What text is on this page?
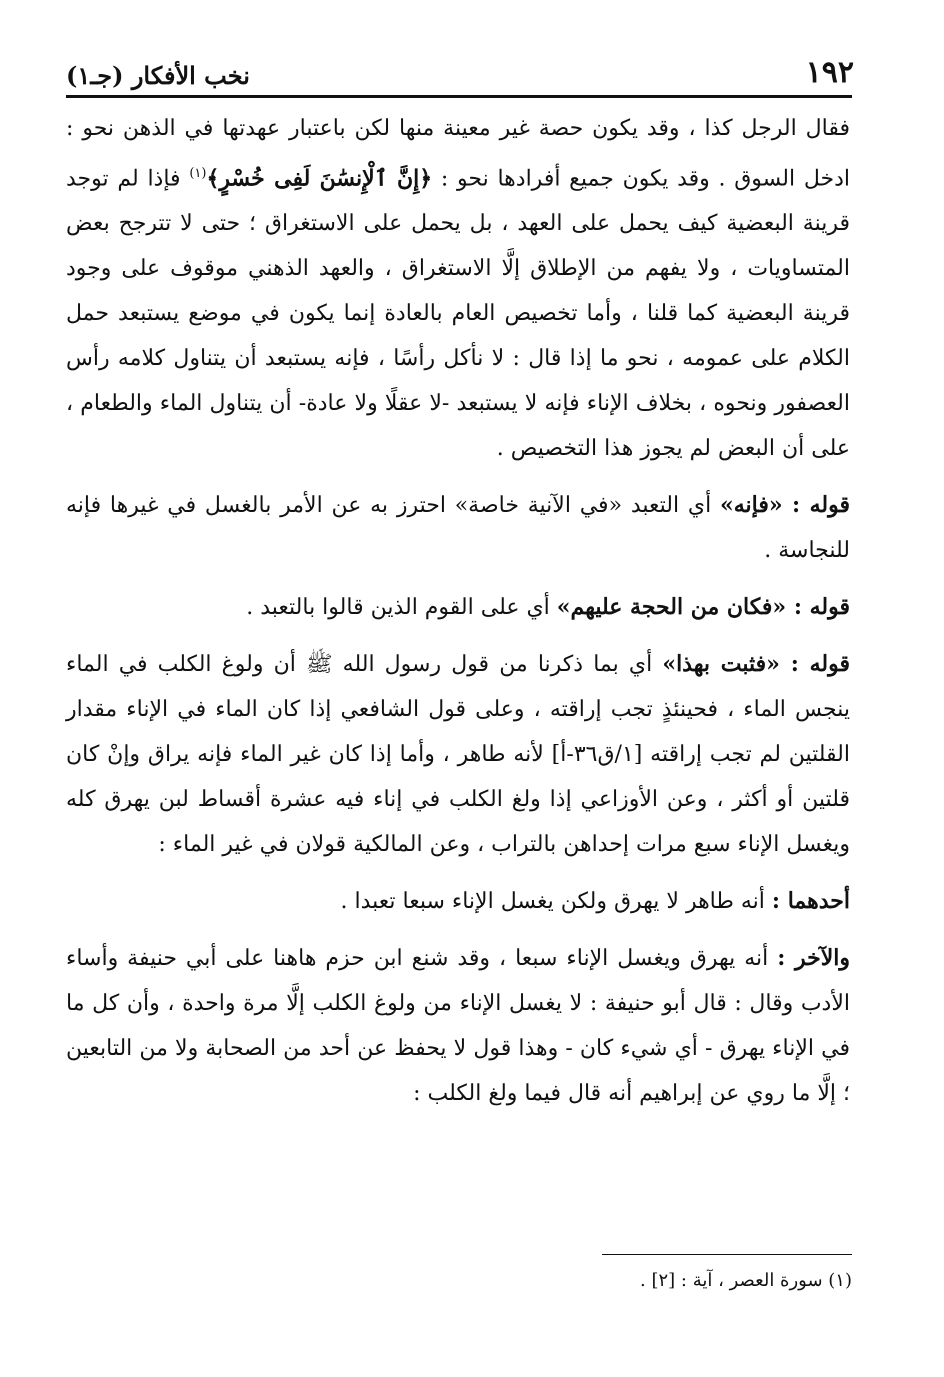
١٩٢
نخب الأفكار (جـ١)

فقال الرجل كذا ، وقد يكون حصة غير معينة منها لكن باعتبار عهدتها في الذهن نحو : ادخل السوق . وقد يكون جميع أفرادها نحو : ﴿إِنَّ ٱلْإِنسَٰنَ لَفِى خُسْرٍ﴾$^{(١)}$ فإذا لم توجد قرينة البعضية كيف يحمل على العهد ، بل يحمل على الاستغراق ؛ حتى لا تترجح بعض المتساويات ، ولا يفهم من الإطلاق إلَّا الاستغراق ، والعهد الذهني موقوف على وجود قرينة البعضية كما قلنا ، وأما تخصيص العام بالعادة إنما يكون في موضع يستبعد حمل الكلام على عمومه ، نحو ما إذا قال : لا نأكل رأسًا ، فإنه يستبعد أن يتناول كلامه رأس العصفور ونحوه ، بخلاف الإناء فإنه لا يستبعد -لا عقلًا ولا عادة- أن يتناول الماء والطعام ، على أن البعض لم يجوز هذا التخصيص .

قوله : «فإنه» أي التعبد «في الآنية خاصة» احترز به عن الأمر بالغسل في غيرها فإنه للنجاسة .

قوله : «فكان من الحجة عليهم» أي على القوم الذين قالوا بالتعبد .

قوله : «فثبت بهذا» أي بما ذكرنا من قول رسول الله ﷺ أن ولوغ الكلب في الماء ينجس الماء ، فحينئذٍ تجب إراقته ، وعلى قول الشافعي إذا كان الماء في الإناء مقدار القلتين لم تجب إراقته [١/ق٣٦-أ] لأنه طاهر ، وأما إذا كان غير الماء فإنه يراق وإنْ كان قلتين أو أكثر ، وعن الأوزاعي إذا ولغ الكلب في إناء فيه عشرة أقساط لبن يهرق كله ويغسل الإناء سبع مرات إحداهن بالتراب ، وعن المالكية قولان في غير الماء :

أحدهما : أنه طاهر لا يهرق ولكن يغسل الإناء سبعا تعبدا .

والآخر : أنه يهرق ويغسل الإناء سبعا ، وقد شنع ابن حزم هاهنا على أبي حنيفة وأساء الأدب وقال : قال أبو حنيفة : لا يغسل الإناء من ولوغ الكلب إلَّا مرة واحدة ، وأن كل ما في الإناء يهرق - أي شيء كان - وهذا قول لا يحفظ عن أحد من الصحابة ولا من التابعين ؛ إلَّا ما روي عن إبراهيم أنه قال فيما ولغ الكلب :

(١) سورة العصر ، آية : [٢] .
